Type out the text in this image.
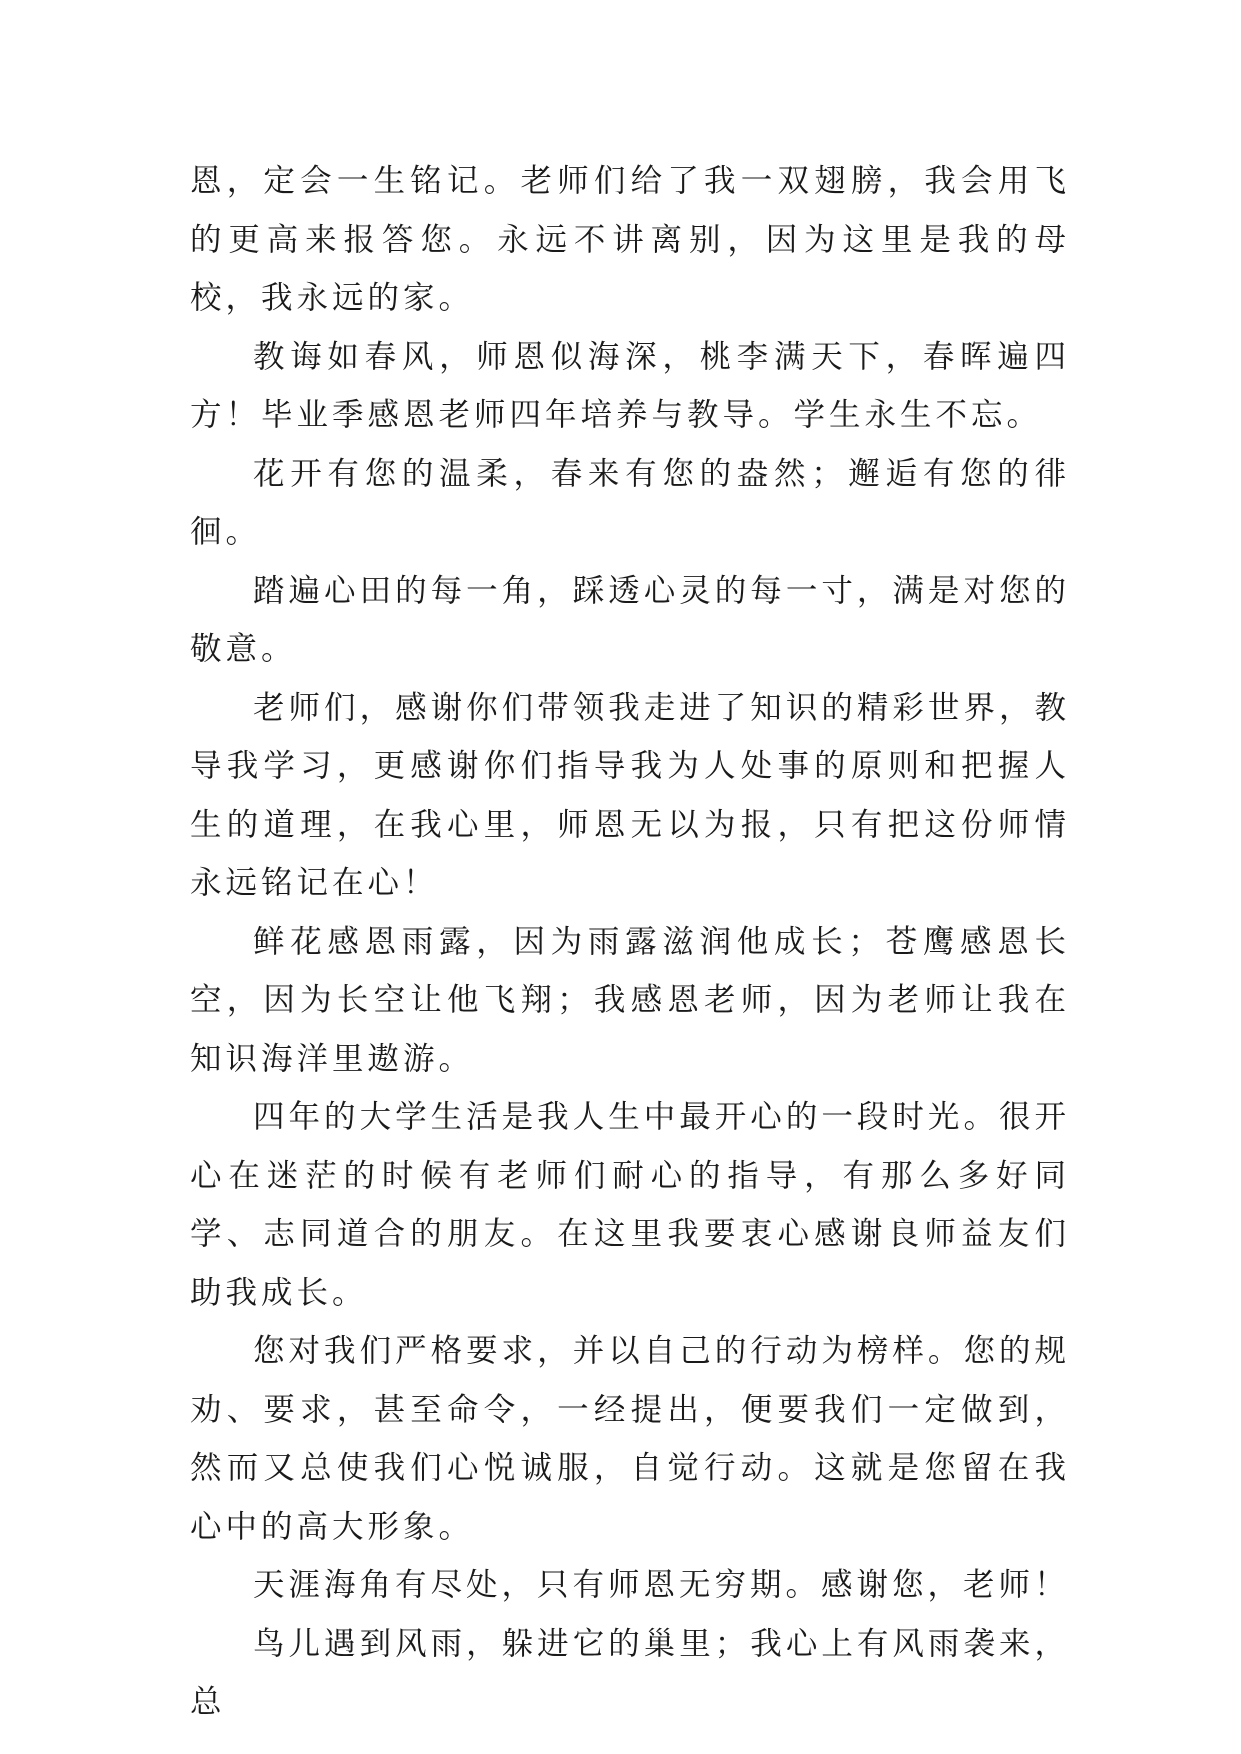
恩，定会一生铭记。老师们给了我一双翅膀，我会用飞的更高来报答您。永远不讲离别，因为这里是我的母校，我永远的家。

教诲如春风，师恩似海深，桃李满天下，春晖遍四方！毕业季感恩老师四年培养与教导。学生永生不忘。

花开有您的温柔，春来有您的盎然；邂逅有您的徘徊。

踏遍心田的每一角，踩透心灵的每一寸，满是对您的敬意。

老师们，感谢你们带领我走进了知识的精彩世界，教导我学习，更感谢你们指导我为人处事的原则和把握人生的道理，在我心里，师恩无以为报，只有把这份师情永远铭记在心！

鲜花感恩雨露，因为雨露滋润他成长；苍鹰感恩长空，因为长空让他飞翔；我感恩老师，因为老师让我在知识海洋里遨游。

四年的大学生活是我人生中最开心的一段时光。很开心在迷茫的时候有老师们耐心的指导，有那么多好同学、志同道合的朋友。在这里我要衷心感谢良师益友们助我成长。

您对我们严格要求，并以自己的行动为榜样。您的规劝、要求，甚至命令，一经提出，便要我们一定做到，然而又总使我们心悦诚服，自觉行动。这就是您留在我心中的高大形象。

天涯海角有尽处，只有师恩无穷期。感谢您，老师！

鸟儿遇到风雨，躲进它的巢里；我心上有风雨袭来，总
